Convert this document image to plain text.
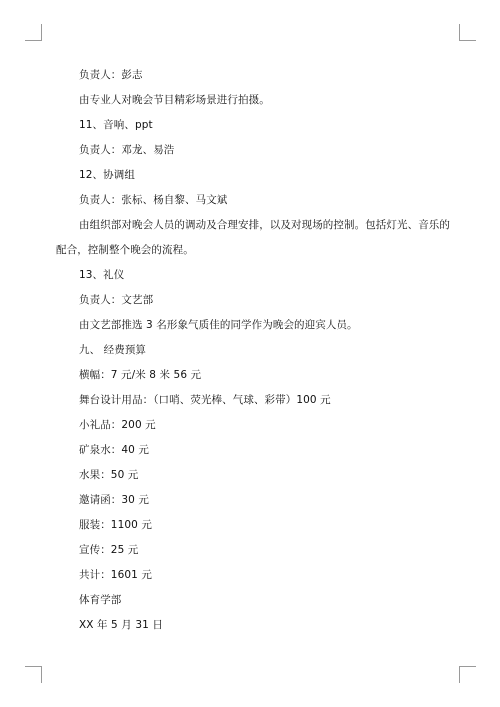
负责人：彭志
由专业人对晚会节目精彩场景进行拍摄。
11、音响、ppt
负责人：邓龙、易浩
12、协调组
负责人：张标、杨自黎、马文斌
由组织部对晚会人员的调动及合理安排，以及对现场的控制。包括灯光、音乐的
配合，控制整个晚会的流程。
13、礼仪
负责人：文艺部
由文艺部推选 3 名形象气质佳的同学作为晚会的迎宾人员。
九、 经费预算
横幅：7 元/米 8 米 56 元
舞台设计用品：（口哨、荧光棒、气球、彩带）100 元
小礼品：200 元
矿泉水：40 元
水果：50 元
邀请函：30 元
服装：1100 元
宣传：25 元
共计：1601 元
体育学部
XX 年 5 月 31 日
